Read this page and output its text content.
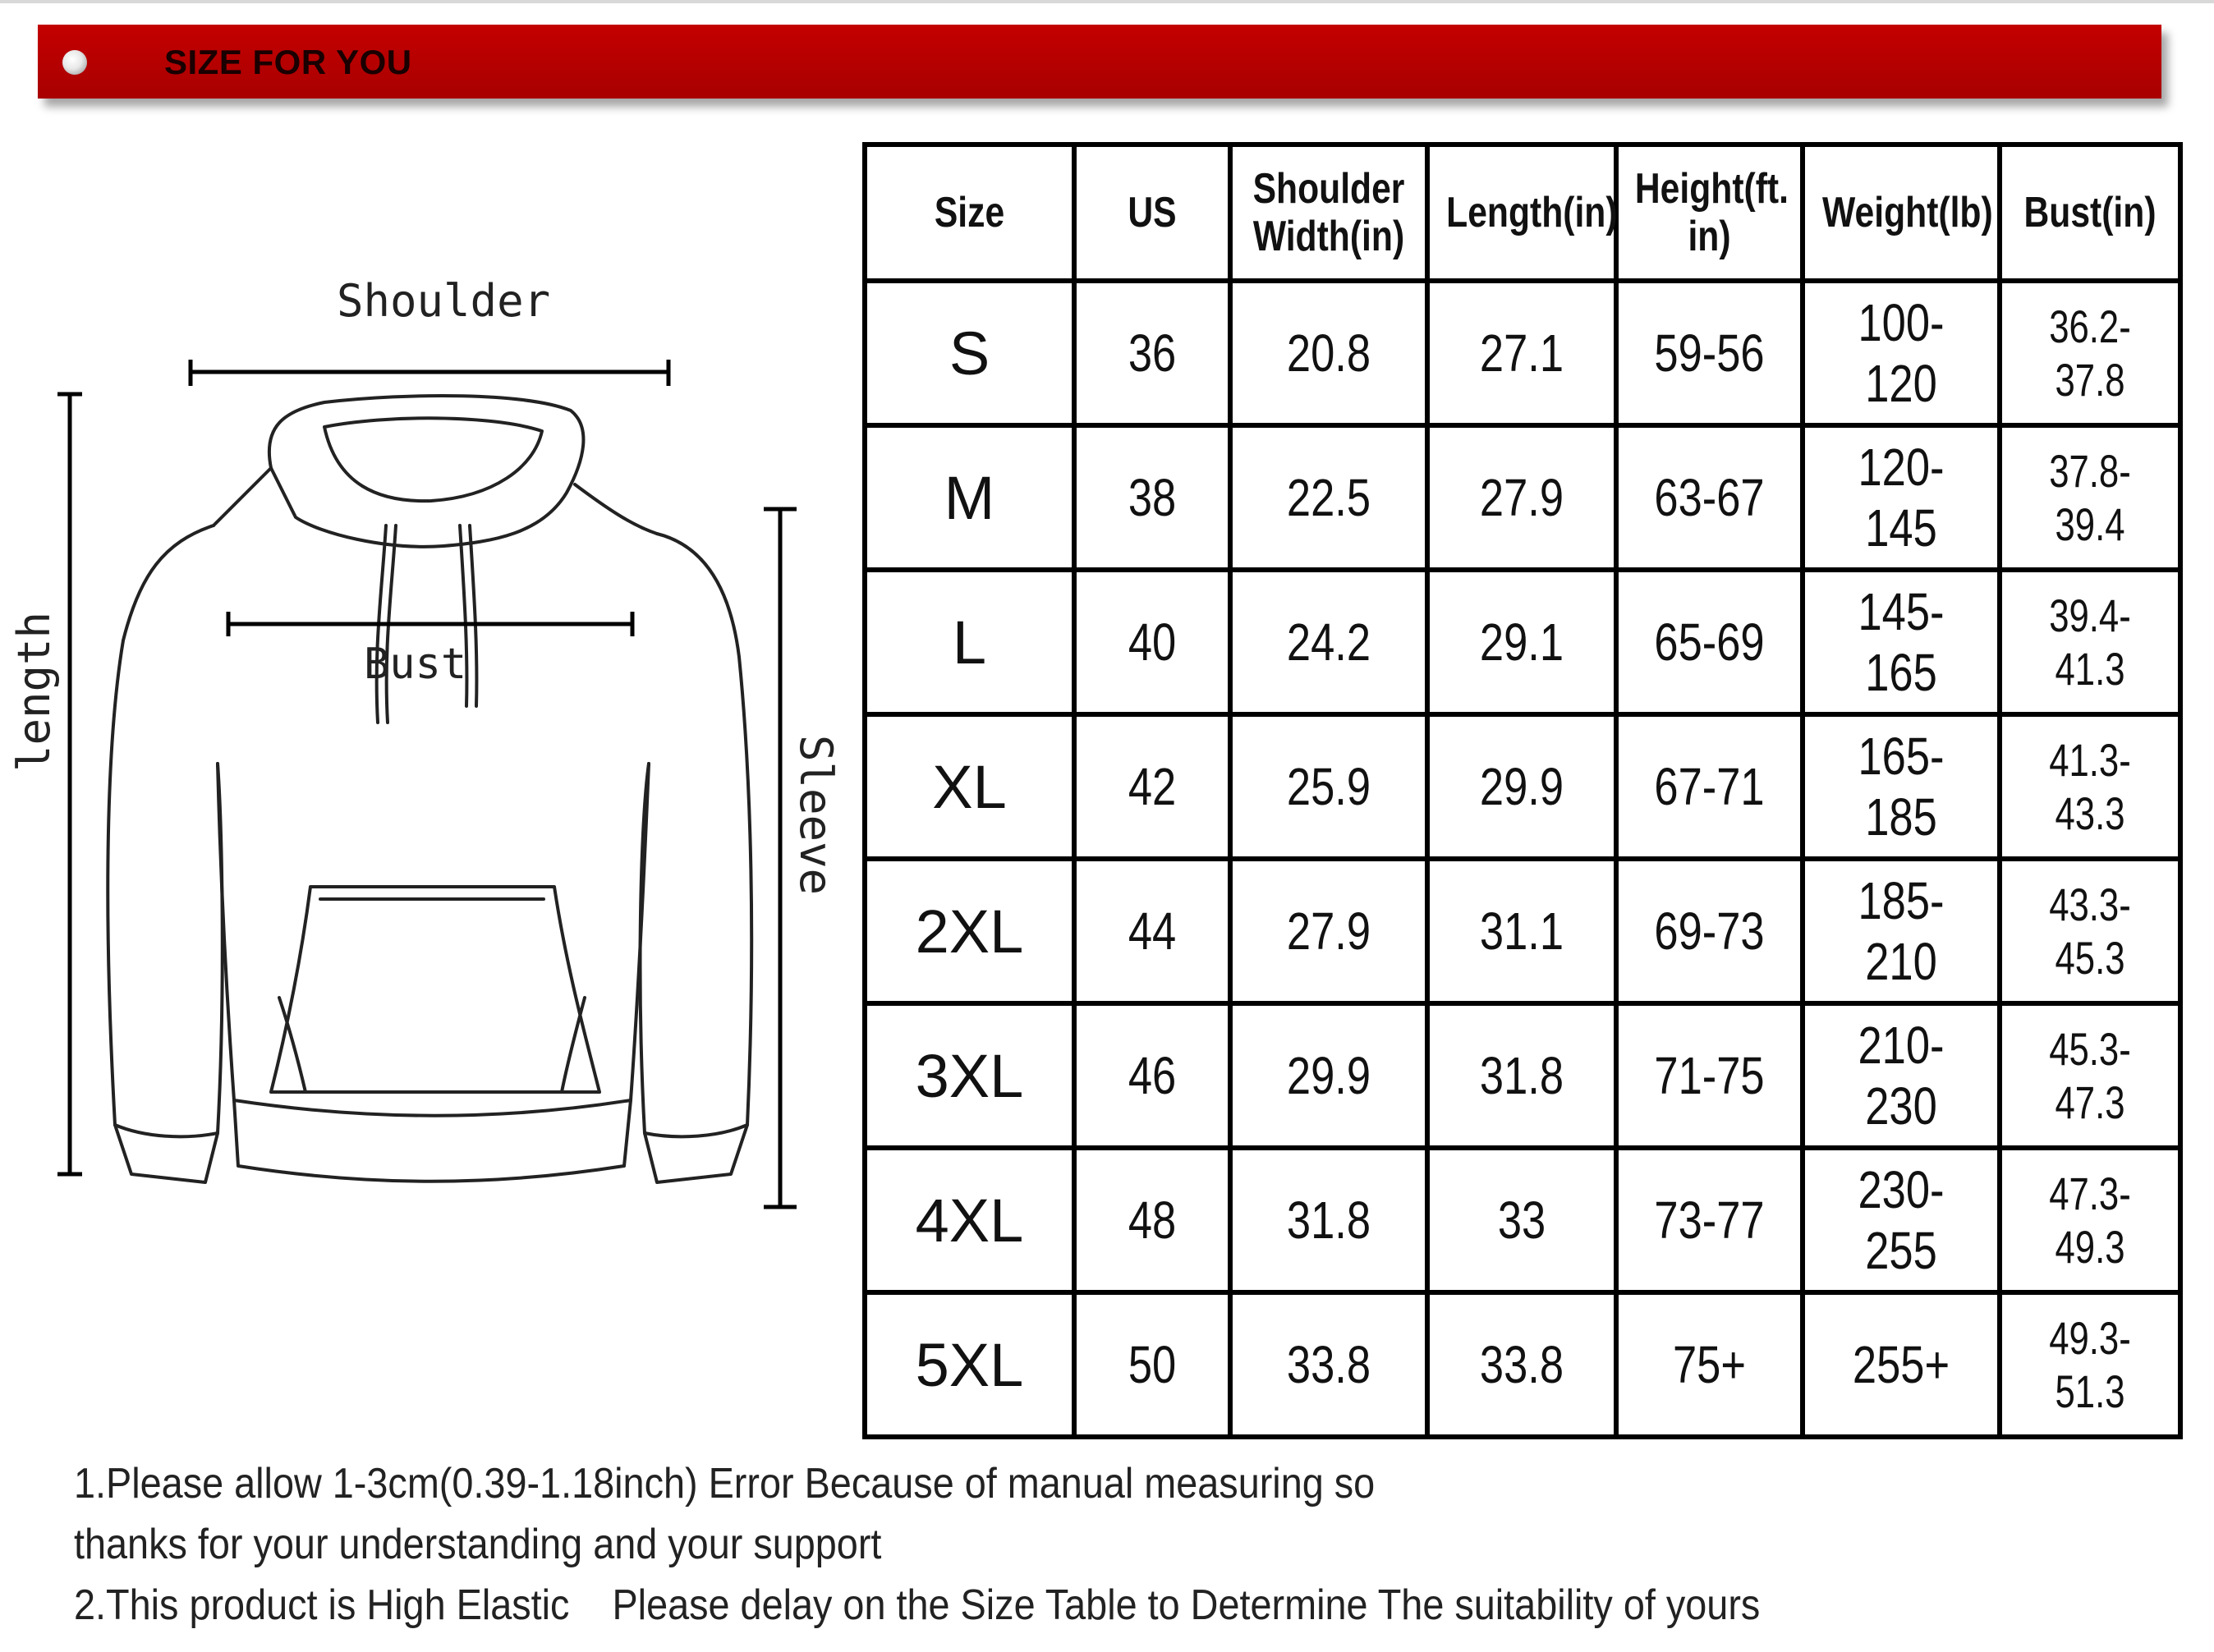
SIZE FOR YOU
Shoulder
Bust
length
Sleeve
Size	US	Shoulder Width(in)	Length(in)	Height(ft. in)	Weight(lb)	Bust(in)
S	36	20.8	27.1	59-56	100-120	36.2-37.8
M	38	22.5	27.9	63-67	120-145	37.8-39.4
L	40	24.2	29.1	65-69	145-165	39.4-41.3
XL	42	25.9	29.9	67-71	165-185	41.3-43.3
2XL	44	27.9	31.1	69-73	185-210	43.3-45.3
3XL	46	29.9	31.8	71-75	210-230	45.3-47.3
4XL	48	31.8	33	73-77	230-255	47.3-49.3
5XL	50	33.8	33.8	75+	255+	49.3-51.3
1.Please allow 1-3cm(0.39-1.18inch) Error Because of manual measuring so
thanks for your understanding and your support
2.This product is High Elastic    Please delay on the Size Table to Determine The suitability of yours
